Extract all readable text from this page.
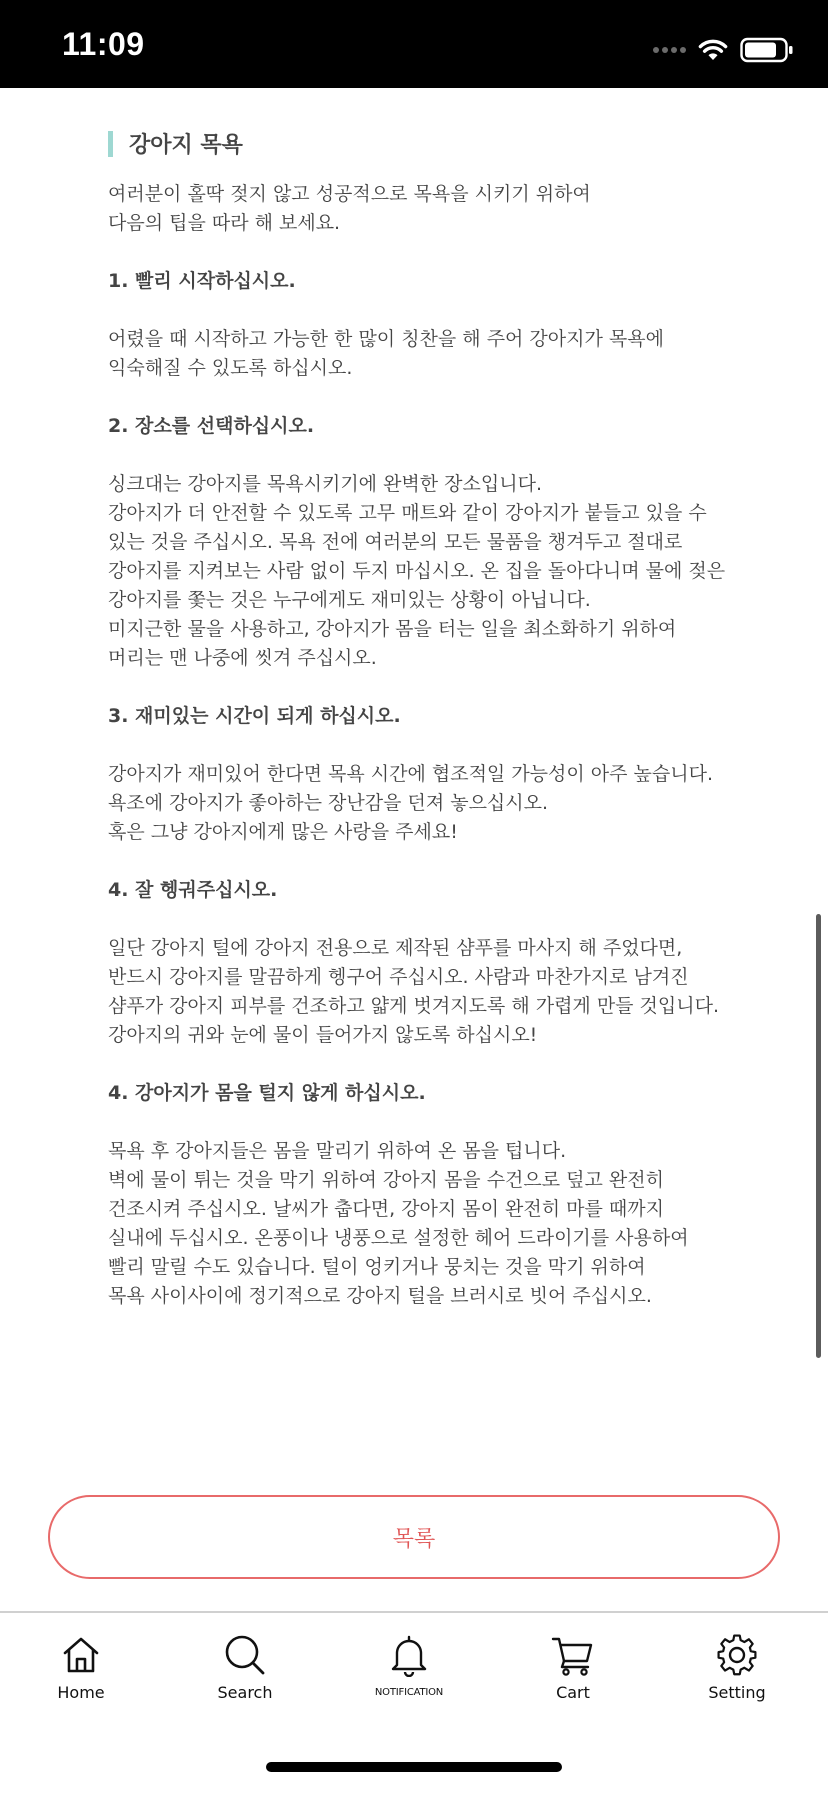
11:09
강아지 목욕

여러분이 홀딱 젖지 않고 성공적으로 목욕을 시키기 위하여
다음의 팁을 따라 해 보세요.

1. 빨리 시작하십시오.

어렸을 때 시작하고 가능한 한 많이 칭찬을 해 주어 강아지가 목욕에
익숙해질 수 있도록 하십시오.

2. 장소를 선택하십시오.

싱크대는 강아지를 목욕시키기에 완벽한 장소입니다.
강아지가 더 안전할 수 있도록 고무 매트와 같이 강아지가 붙들고 있을 수
있는 것을 주십시오. 목욕 전에 여러분의 모든 물품을 챙겨두고 절대로
강아지를 지켜보는 사람 없이 두지 마십시오. 온 집을 돌아다니며 물에 젖은
강아지를 쫓는 것은 누구에게도 재미있는 상황이 아닙니다.
미지근한 물을 사용하고, 강아지가 몸을 터는 일을 최소화하기 위하여
머리는 맨 나중에 씻겨 주십시오.

3. 재미있는 시간이 되게 하십시오.

강아지가 재미있어 한다면 목욕 시간에 협조적일 가능성이 아주 높습니다.
욕조에 강아지가 좋아하는 장난감을 던져 놓으십시오.
혹은 그냥 강아지에게 많은 사랑을 주세요!

4. 잘 헹궈주십시오.

일단 강아지 털에 강아지 전용으로 제작된 샴푸를 마사지 해 주었다면,
반드시 강아지를 말끔하게 헹구어 주십시오. 사람과 마찬가지로 남겨진
샴푸가 강아지 피부를 건조하고 얇게 벗겨지도록 해 가렵게 만들 것입니다.
강아지의 귀와 눈에 물이 들어가지 않도록 하십시오!

4. 강아지가 몸을 털지 않게 하십시오.

목욕 후 강아지들은 몸을 말리기 위하여 온 몸을 텁니다.
벽에 물이 튀는 것을 막기 위하여 강아지 몸을 수건으로 덮고 완전히
건조시켜 주십시오. 날씨가 춥다면, 강아지 몸이 완전히 마를 때까지
실내에 두십시오. 온풍이나 냉풍으로 설정한 헤어 드라이기를 사용하여
빨리 말릴 수도 있습니다. 털이 엉키거나 뭉치는 것을 막기 위하여
목욕 사이사이에 정기적으로 강아지 털을 브러시로 빗어 주십시오.

목록
Home	Search	NOTIFICATION	Cart	Setting
